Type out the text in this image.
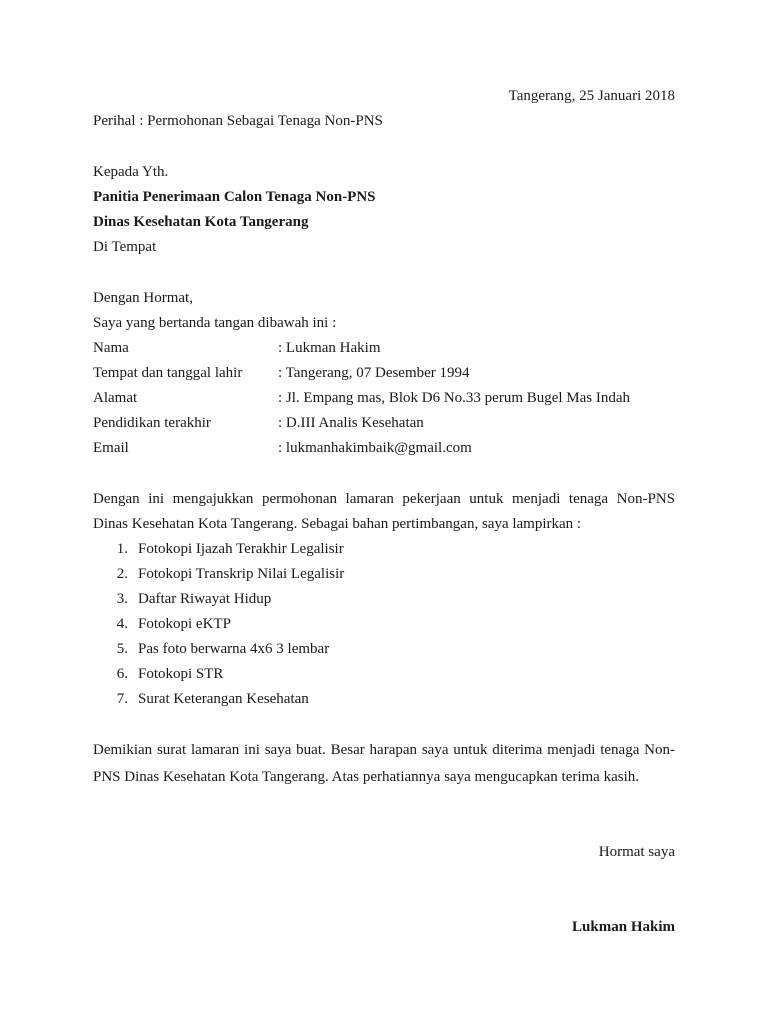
Tangerang, 25 Januari 2018
Perihal : Permohonan Sebagai Tenaga Non-PNS
Kepada Yth.
Panitia Penerimaan Calon Tenaga Non-PNS
Dinas Kesehatan Kota Tangerang
Di Tempat
Dengan Hormat,
Saya yang bertanda tangan dibawah ini :
Nama	: Lukman Hakim
Tempat dan tanggal lahir : Tangerang, 07 Desember 1994
Alamat	: Jl. Empang mas, Blok D6 No.33 perum Bugel Mas Indah
Pendidikan terakhir	: D.III Analis Kesehatan
Email	: lukmanhakimbaik@gmail.com
Dengan ini mengajukkan permohonan lamaran pekerjaan untuk menjadi tenaga Non-PNS
Dinas Kesehatan Kota Tangerang. Sebagai bahan pertimbangan, saya lampirkan :
1. Fotokopi Ijazah Terakhir Legalisir
2. Fotokopi Transkrip Nilai Legalisir
3. Daftar Riwayat Hidup
4. Fotokopi eKTP
5. Pas foto berwarna 4x6 3 lembar
6. Fotokopi STR
7. Surat Keterangan Kesehatan
Demikian surat lamaran ini saya buat. Besar harapan saya untuk diterima menjadi tenaga Non-
PNS Dinas Kesehatan Kota Tangerang. Atas perhatiannya saya mengucapkan terima kasih.
Hormat saya
Lukman Hakim
